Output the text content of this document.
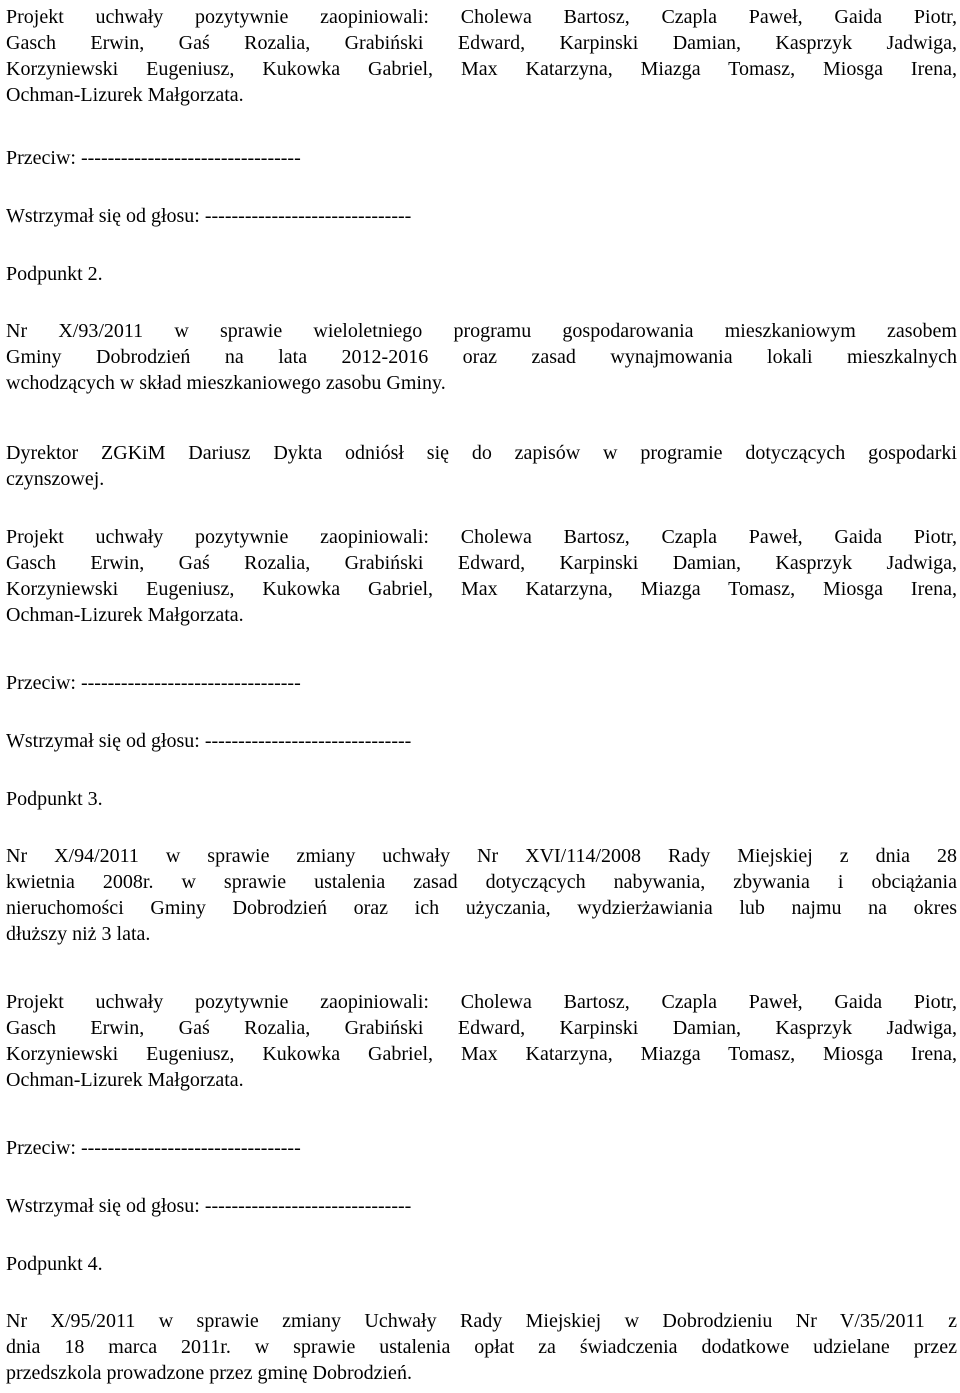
Projekt uchwały pozytywnie zaopiniowali: Cholewa Bartosz, Czapla Paweł, Gaida Piotr,
Gasch Erwin, Gaś Rozalia, Grabiński Edward, Karpinski Damian, Kasprzyk Jadwiga,
Korzyniewski Eugeniusz, Kukowka Gabriel, Max Katarzyna, Miazga Tomasz, Miosga Irena,
Ochman-Lizurek Małgorzata.
Przeciw: ---------------------------------
Wstrzymał się od głosu: -------------------------------
Podpunkt 2.
Nr X/93/2011 w sprawie wieloletniego programu gospodarowania mieszkaniowym zasobem
Gminy Dobrodzień na lata 2012-2016 oraz zasad wynajmowania lokali mieszkalnych
wchodzących w skład mieszkaniowego zasobu Gminy.
Dyrektor ZGKiM Dariusz Dykta odniósł się do zapisów w programie dotyczących gospodarki
czynszowej.
Projekt uchwały pozytywnie zaopiniowali: Cholewa Bartosz, Czapla Paweł, Gaida Piotr,
Gasch Erwin, Gaś Rozalia, Grabiński Edward, Karpinski Damian, Kasprzyk Jadwiga,
Korzyniewski Eugeniusz, Kukowka Gabriel, Max Katarzyna, Miazga Tomasz, Miosga Irena,
Ochman-Lizurek Małgorzata.
Przeciw: ---------------------------------
Wstrzymał się od głosu: -------------------------------
Podpunkt 3.
Nr X/94/2011 w sprawie zmiany uchwały Nr XVI/114/2008 Rady Miejskiej z dnia 28
kwietnia 2008r. w sprawie ustalenia zasad dotyczących nabywania, zbywania i obciążania
nieruchomości Gminy Dobrodzień oraz ich użyczania, wydzierżawiania lub najmu na okres
dłuższy niż 3 lata.
Projekt uchwały pozytywnie zaopiniowali: Cholewa Bartosz, Czapla Paweł, Gaida Piotr,
Gasch Erwin, Gaś Rozalia, Grabiński Edward, Karpinski Damian, Kasprzyk Jadwiga,
Korzyniewski Eugeniusz, Kukowka Gabriel, Max Katarzyna, Miazga Tomasz, Miosga Irena,
Ochman-Lizurek Małgorzata.
Przeciw: ---------------------------------
Wstrzymał się od głosu: -------------------------------
Podpunkt 4.
Nr X/95/2011 w sprawie zmiany Uchwały Rady Miejskiej w Dobrodzieniu Nr V/35/2011 z
dnia 18 marca 2011r. w sprawie ustalenia opłat za świadczenia dodatkowe udzielane przez
przedszkola prowadzone przez gminę Dobrodzień.
